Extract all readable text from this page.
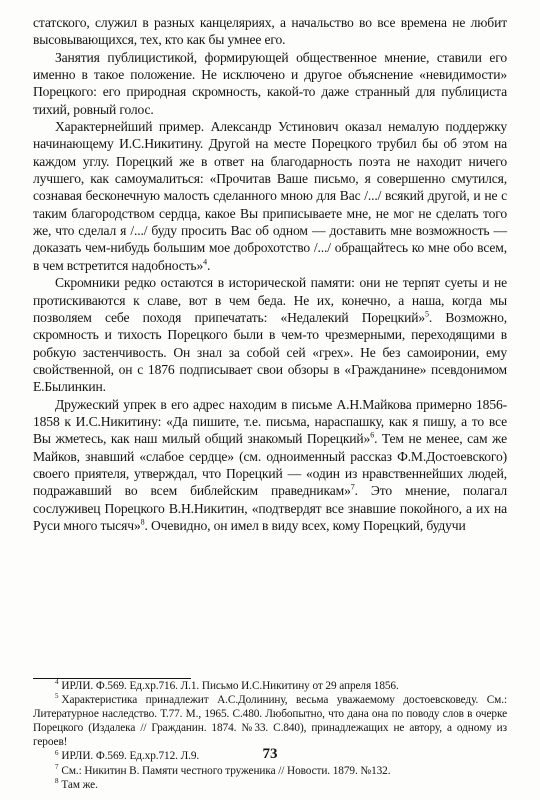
статского, служил в разных канцеляриях, а начальство во все времена не любит высовывающихся, тех, кто как бы умнее его.

Занятия публицистикой, формирующей общественное мнение, ставили его именно в такое положение. Не исключено и другое объяснение «невидимости» Порецкого: его природная скромность, какой-то даже странный для публициста тихий, ровный голос.

Характернейший пример. Александр Устинович оказал немалую поддержку начинающему И.С.Никитину. Другой на месте Порецкого трубил бы об этом на каждом углу. Порецкий же в ответ на благодарность поэта не находит ничего лучшего, как самоумалиться: «Прочитав Ваше письмо, я совершенно смутился, сознавая бесконечную малость сделанного мною для Вас /.../ всякий другой, и не с таким благородством сердца, какое Вы приписываете мне, не мог не сделать того же, что сделал я /.../ буду просить Вас об одном — доставить мне возможность — доказать чем-нибудь большим мое доброхотство /.../ обращайтесь ко мне обо всем, в чем встретится надобность»$^4$.

Скромники редко остаются в исторической памяти: они не терпят суеты и не протискиваются к славе, вот в чем беда. Не их, конечно, а наша, когда мы позволяем себе походя припечатать: «Недалекий Порецкий»$^5$. Возможно, скромность и тихость Порецкого были в чем-то чрезмерными, переходящими в робкую застенчивость. Он знал за собой сей «грех». Не без самоиронии, ему свойственной, он с 1876 подписывает свои обзоры в «Гражданине» псевдонимом Е.Былинкин.

Дружеский упрек в его адрес находим в письме А.Н.Майкова примерно 1856-1858 к И.С.Никитину: «Да пишите, т.е. письма, нараспашку, как я пишу, а то все Вы жметесь, как наш милый общий знакомый Порецкий»$^6$. Тем не менее, сам же Майков, знавший «слабое сердце» (см. одноименный рассказ Ф.М.Достоевского) своего приятеля, утверждал, что Порецкий — «один из нравственнейших людей, подражавший во всем библейским праведникам»$^7$. Это мнение, полагал сослуживец Порецкого В.Н.Никитин, «подтвердят все знавшие покойного, а их на Руси много тысяч»$^8$. Очевидно, он имел в виду всех, кому Порецкий, будучи

$^4$ ИРЛИ. Ф.569. Ед.хр.716. Л.1. Письмо И.С.Никитину от 29 апреля 1856.

$^5$ Характеристика принадлежит А.С.Долинину, весьма уважаемому достоевсковеду. См.: Литературное наследство. Т.77. М., 1965. С.480. Любопытно, что дана она по поводу слов в очерке Порецкого (Издалека // Гражданин. 1874. №33. С.840), принадлежащих не автору, а одному из героев!

$^6$ ИРЛИ. Ф.569. Ед.хр.712. Л.9.

$^7$ См.: Никитин В. Памяти честного труженика // Новости. 1879. №132.

$^8$ Там же.

73
